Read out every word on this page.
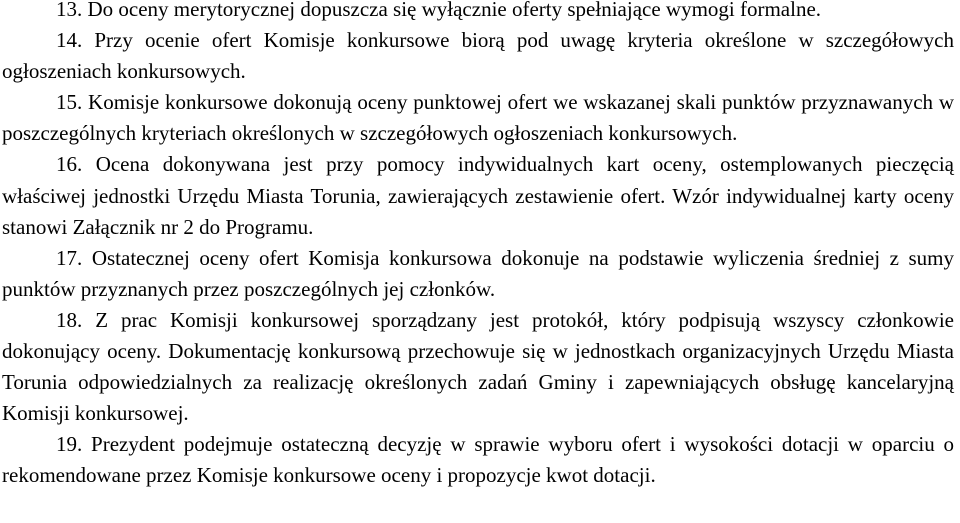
13. Do oceny merytorycznej dopuszcza się wyłącznie oferty spełniające wymogi formalne.

14. Przy ocenie ofert Komisje konkursowe biorą pod uwagę kryteria określone w szczegółowych ogłoszeniach konkursowych.

15. Komisje konkursowe dokonują oceny punktowej ofert we wskazanej skali punktów przyznawanych w poszczególnych kryteriach określonych w szczegółowych ogłoszeniach konkursowych.

16. Ocena dokonywana jest przy pomocy indywidualnych kart oceny, ostemplowanych pieczęcią właściwej jednostki Urzędu Miasta Torunia, zawierających zestawienie ofert. Wzór indywidualnej karty oceny stanowi Załącznik nr 2 do Programu.

17. Ostatecznej oceny ofert Komisja konkursowa dokonuje na podstawie wyliczenia średniej z sumy punktów przyznanych przez poszczególnych jej członków.

18. Z prac Komisji konkursowej sporządzany jest protokół, który podpisują wszyscy członkowie dokonujący oceny. Dokumentację konkursową przechowuje się w jednostkach organizacyjnych Urzędu Miasta Torunia odpowiedzialnych za realizację określonych zadań Gminy i zapewniających obsługę kancelaryjną Komisji konkursowej.

19. Prezydent podejmuje ostateczną decyzję w sprawie wyboru ofert i wysokości dotacji w oparciu o rekomendowane przez Komisje konkursowe oceny i propozycje kwot dotacji.
